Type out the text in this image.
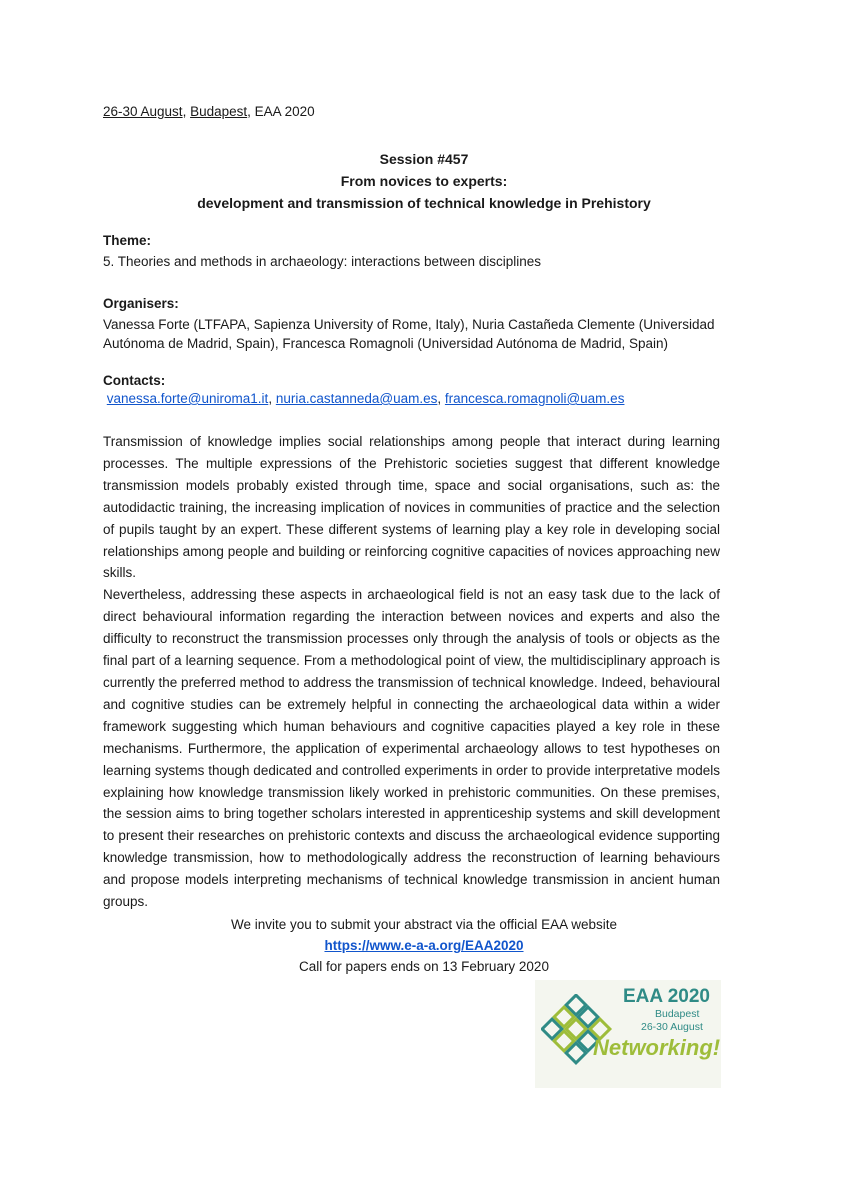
26-30 August, Budapest, EAA 2020
Session #457
From novices to experts:
development and transmission of technical knowledge in Prehistory
Theme:
5. Theories and methods in archaeology: interactions between disciplines
Organisers:
Vanessa Forte (LTFAPA, Sapienza University of Rome, Italy), Nuria Castañeda Clemente (Universidad Autónoma de Madrid, Spain), Francesca Romagnoli (Universidad Autónoma de Madrid, Spain)
Contacts:
vanessa.forte@uniroma1.it, nuria.castanneda@uam.es, francesca.romagnoli@uam.es

Transmission of knowledge implies social relationships among people that interact during learning processes. The multiple expressions of the Prehistoric societies suggest that different knowledge transmission models probably existed through time, space and social organisations, such as: the autodidactic training, the increasing implication of novices in communities of practice and the selection of pupils taught by an expert. These different systems of learning play a key role in developing social relationships among people and building or reinforcing cognitive capacities of novices approaching new skills.

Nevertheless, addressing these aspects in archaeological field is not an easy task due to the lack of direct behavioural information regarding the interaction between novices and experts and also the difficulty to reconstruct the transmission processes only through the analysis of tools or objects as the final part of a learning sequence. From a methodological point of view, the multidisciplinary approach is currently the preferred method to address the transmission of technical knowledge. Indeed, behavioural and cognitive studies can be extremely helpful in connecting the archaeological data within a wider framework suggesting which human behaviours and cognitive capacities played a key role in these mechanisms. Furthermore, the application of experimental archaeology allows to test hypotheses on learning systems though dedicated and controlled experiments in order to provide interpretative models explaining how knowledge transmission likely worked in prehistoric communities. On these premises, the session aims to bring together scholars interested in apprenticeship systems and skill development to present their researches on prehistoric contexts and discuss the archaeological evidence supporting knowledge transmission, how to methodologically address the reconstruction of learning behaviours and propose models interpreting mechanisms of technical knowledge transmission in ancient human groups.

We invite you to submit your abstract via the official EAA website
https://www.e-a-a.org/EAA2020
Call for papers ends on 13 February 2020
EAA 2020
Budapest
26-30 August
Networking!
